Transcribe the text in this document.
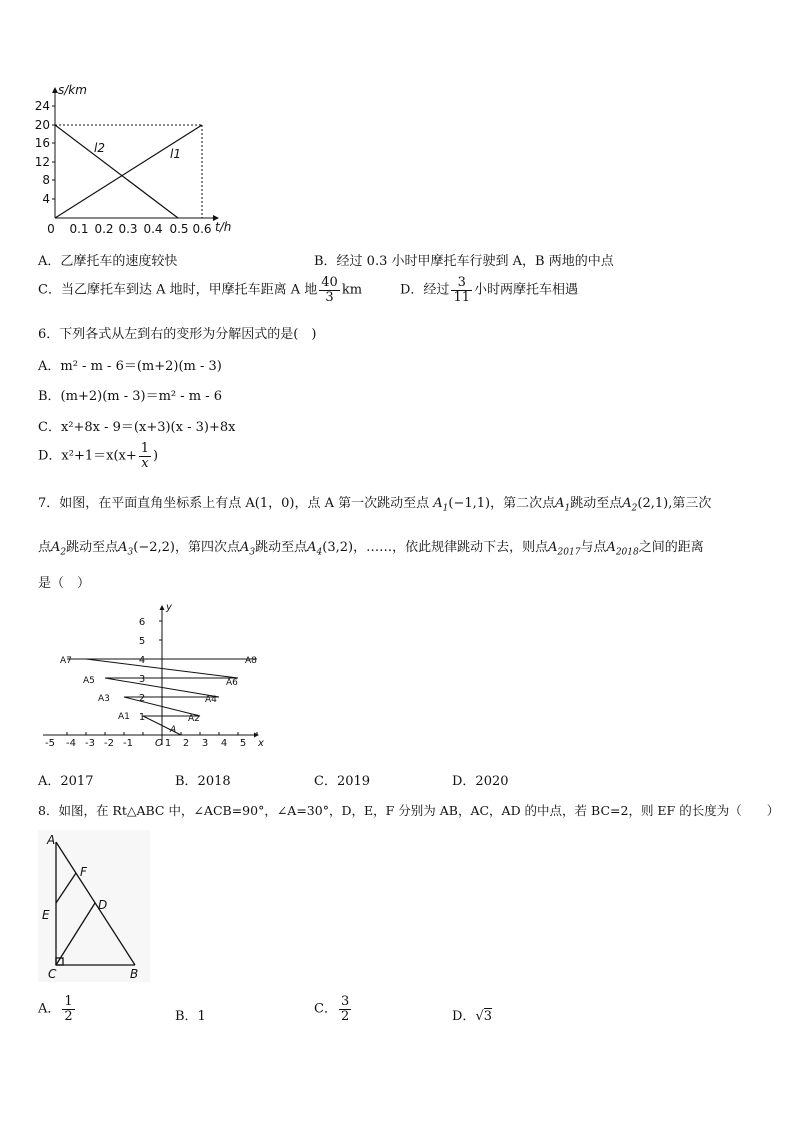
24
20
16
12
8
4
0 0.1 0.2 0.3 0.4 0.5 0.6
s/km
t/h
l2	l1
A．乙摩托车的速度较快	B．经过 0.3 小时甲摩托车行驶到 A，B 两地的中点
C．当乙摩托车到达 A 地时，甲摩托车距离 A 地 $\frac{40}{3}$ km	D．经过 $\frac{3}{11}$ 小时两摩托车相遇
6．下列各式从左到右的变形为分解因式的是(　)
A．m² - m - 6＝(m+2)(m - 3)
B．(m+2)(m - 3)＝m² - m - 6
C．x²+8x - 9＝(x+3)(x - 3)+8x
D．$x^2+1=x(x+ \frac{1}{x}$ )
7．如图，在平面直角坐标系上有点 A(1，0)，点 A 第一次跳动至点 $A_1(-1,1)$，第二次点$A_1$跳动至点$A_2(2,1)$,第三次
点$A_2$跳动至点$A_3(-2,2)$，第四次点$A_3$跳动至点$A_4(3,2)$，……，依此规律跳动下去，则点$A_{2017}$与点$A_{2018}$之间的距离
是（　）
-5 -4 -3 -2 -1	1 2 3 4 5
1
2
3
4
5
6
O	x
y
A
A1	A2
A3	A4
A5	A6
A7	A8
A．2017	B．2018	C．2019	D．2020
8．如图，在 Rt△ABC 中，∠ACB=90°，∠A=30°，D，E，F 分别为 AB，AC，AD 的中点，若 BC=2，则 EF 的长度为（　　）
A
F
E
D
C	B
A． $\frac{1}{2}$	B．1	C． $\frac{3}{2}$	D．√3
